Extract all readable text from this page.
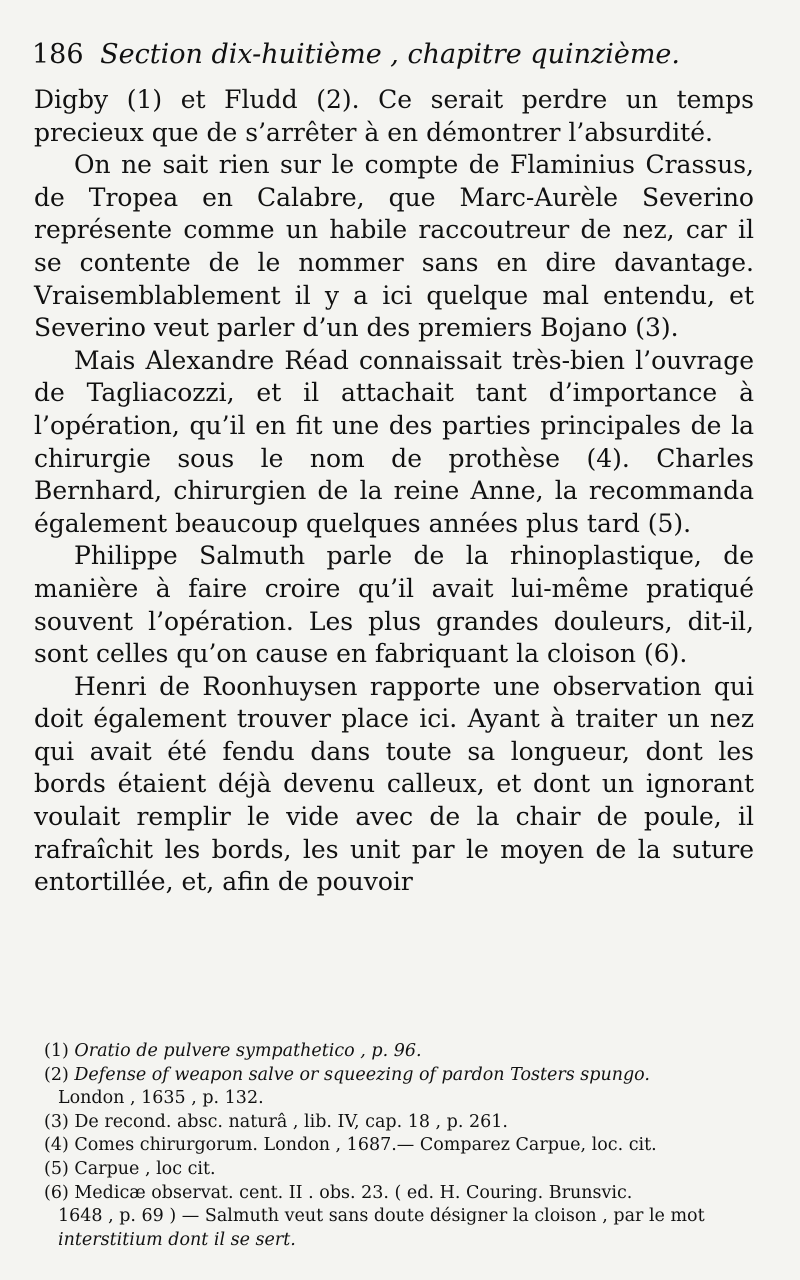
186 Section dix-huitième , chapitre quinzième.

Digby (1) et Fludd (2). Ce serait perdre un temps precieux que de s’arrêter à en démontrer l’absurdité.

On ne sait rien sur le compte de Flaminius Crassus, de Tropea en Calabre, que Marc-Aurèle Severino représente comme un habile raccoutreur de nez, car il se contente de le nommer sans en dire davantage. Vraisemblablement il y a ici quelque mal entendu, et Severino veut parler d’un des premiers Bojano (3).

Mais Alexandre Réad connaissait très-bien l’ouvrage de Tagliacozzi, et il attachait tant d’importance à l’opération, qu’il en fit une des parties principales de la chirurgie sous le nom de prothèse (4). Charles Bernhard, chirurgien de la reine Anne, la recommanda également beaucoup quelques années plus tard (5).

Philippe Salmuth parle de la rhinoplastique, de manière à faire croire qu’il avait lui-même pratiqué souvent l’opération. Les plus grandes douleurs, dit-il, sont celles qu’on cause en fabriquant la cloison (6).

Henri de Roonhuysen rapporte une observation qui doit également trouver place ici. Ayant à traiter un nez qui avait été fendu dans toute sa longueur, dont les bords étaient déjà devenu calleux, et dont un ignorant voulait remplir le vide avec de la chair de poule, il rafraîchit les bords, les unit par le moyen de la suture entortillée, et, afin de pouvoir

(1) Oratio de pulvere sympathetico , p. 96.
(2) Defense of weapon salve or squeezing of pardon Tosters spungo.
London , 1635 , p. 132.
(3) De recond. absc. naturâ , lib. IV, cap. 18 , p. 261.
(4) Comes chirurgorum. London , 1687.— Comparez Carpue, loc. cit.
(5) Carpue , loc cit.
(6) Medicæ observat. cent. II . obs. 23. ( ed. H. Couring. Brunsvic.
1648 , p. 69 ) — Salmuth veut sans doute désigner la cloison , par le mot
interstitium dont il se sert.
